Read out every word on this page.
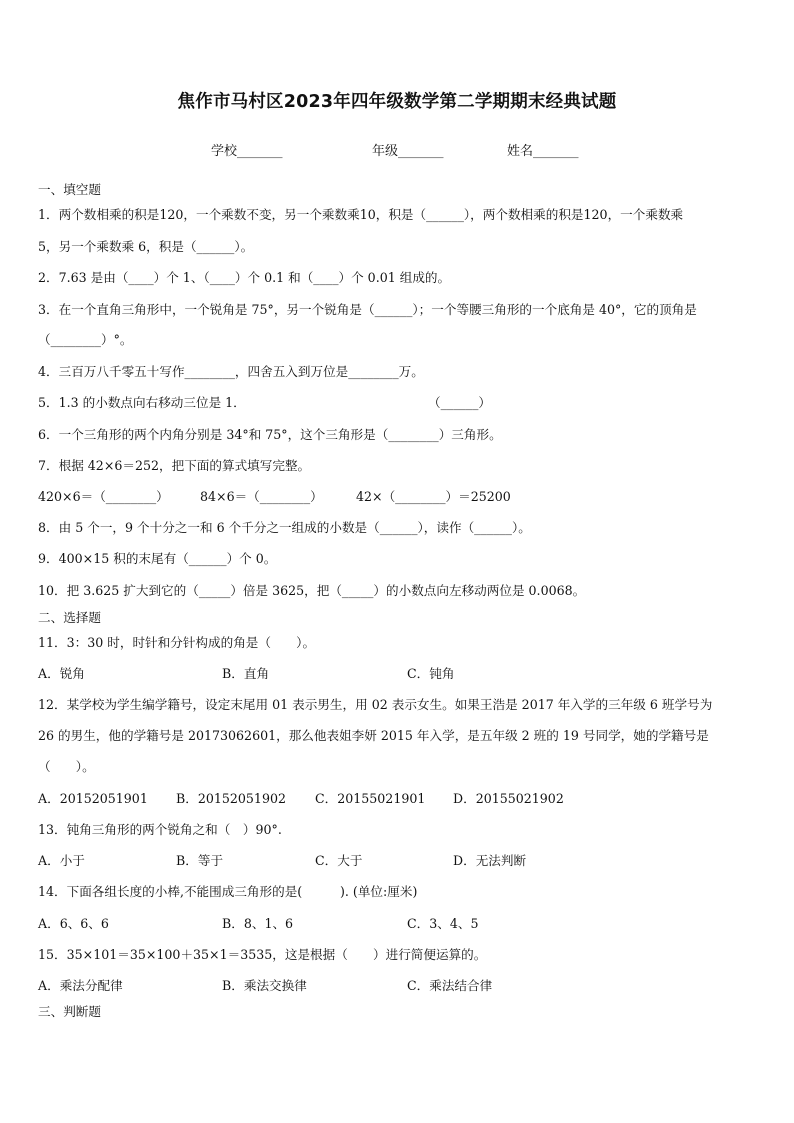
焦作市马村区2023年四年级数学第二学期期末经典试题
学校_______	年级_______	姓名_______
一、填空题
1．两个数相乘的积是120，一个乘数不变，另一个乘数乘10，积是（______），两个数相乘的积是120，一个乘数乘
5，另一个乘数乘 6，积是（______）。
2．7.63 是由（____）个 1、（____）个 0.1 和（____）个 0.01 组成的。
3．在一个直角三角形中，一个锐角是 75°，另一个锐角是（______）；一个等腰三角形的一个底角是 40°，它的顶角是
（________）°。
4．三百万八千零五十写作________，四舍五入到万位是________万。
5．1.3 的小数点向右移动三位是 1．	（______）
6．一个三角形的两个内角分别是 34°和 75°，这个三角形是（________）三角形。
7．根据 42×6＝252，把下面的算式填写完整。
420×6＝（________） 84×6＝（________）	42×（________）＝25200
8．由 5 个一，9 个十分之一和 6 个千分之一组成的小数是（______），读作（______）。
9．400×15 积的末尾有（______）个 0。
10．把 3.625 扩大到它的（_____）倍是 3625，把（_____）的小数点向左移动两位是 0.0068。
二、选择题
11．3：30 时，时针和分针构成的角是（　　）。
A．锐角	B．直角	C．钝角
12．某学校为学生编学籍号，设定末尾用 01 表示男生，用 02 表示女生。如果王浩是 2017 年入学的三年级 6 班学号为
26 的男生，他的学籍号是 20173062601，那么他表姐李妍 2015 年入学，是五年级 2 班的 19 号同学，她的学籍号是
（　　）。
A．20152051901 B．20152051902 C．20155021901 D．20155021902
13．钝角三角形的两个锐角之和（　）90°.
A．小于	B．等于	C．大于	D．无法判断
14．下面各组长度的小棒,不能围成三角形的是(　　　). (单位:厘米)
A．6、6、6	B．8、1、6	C．3、4、5
15．35×101＝35×100＋35×1＝3535，这是根据（　　）进行简便运算的。
A．乘法分配律	B．乘法交换律	C．乘法结合律
三、判断题
